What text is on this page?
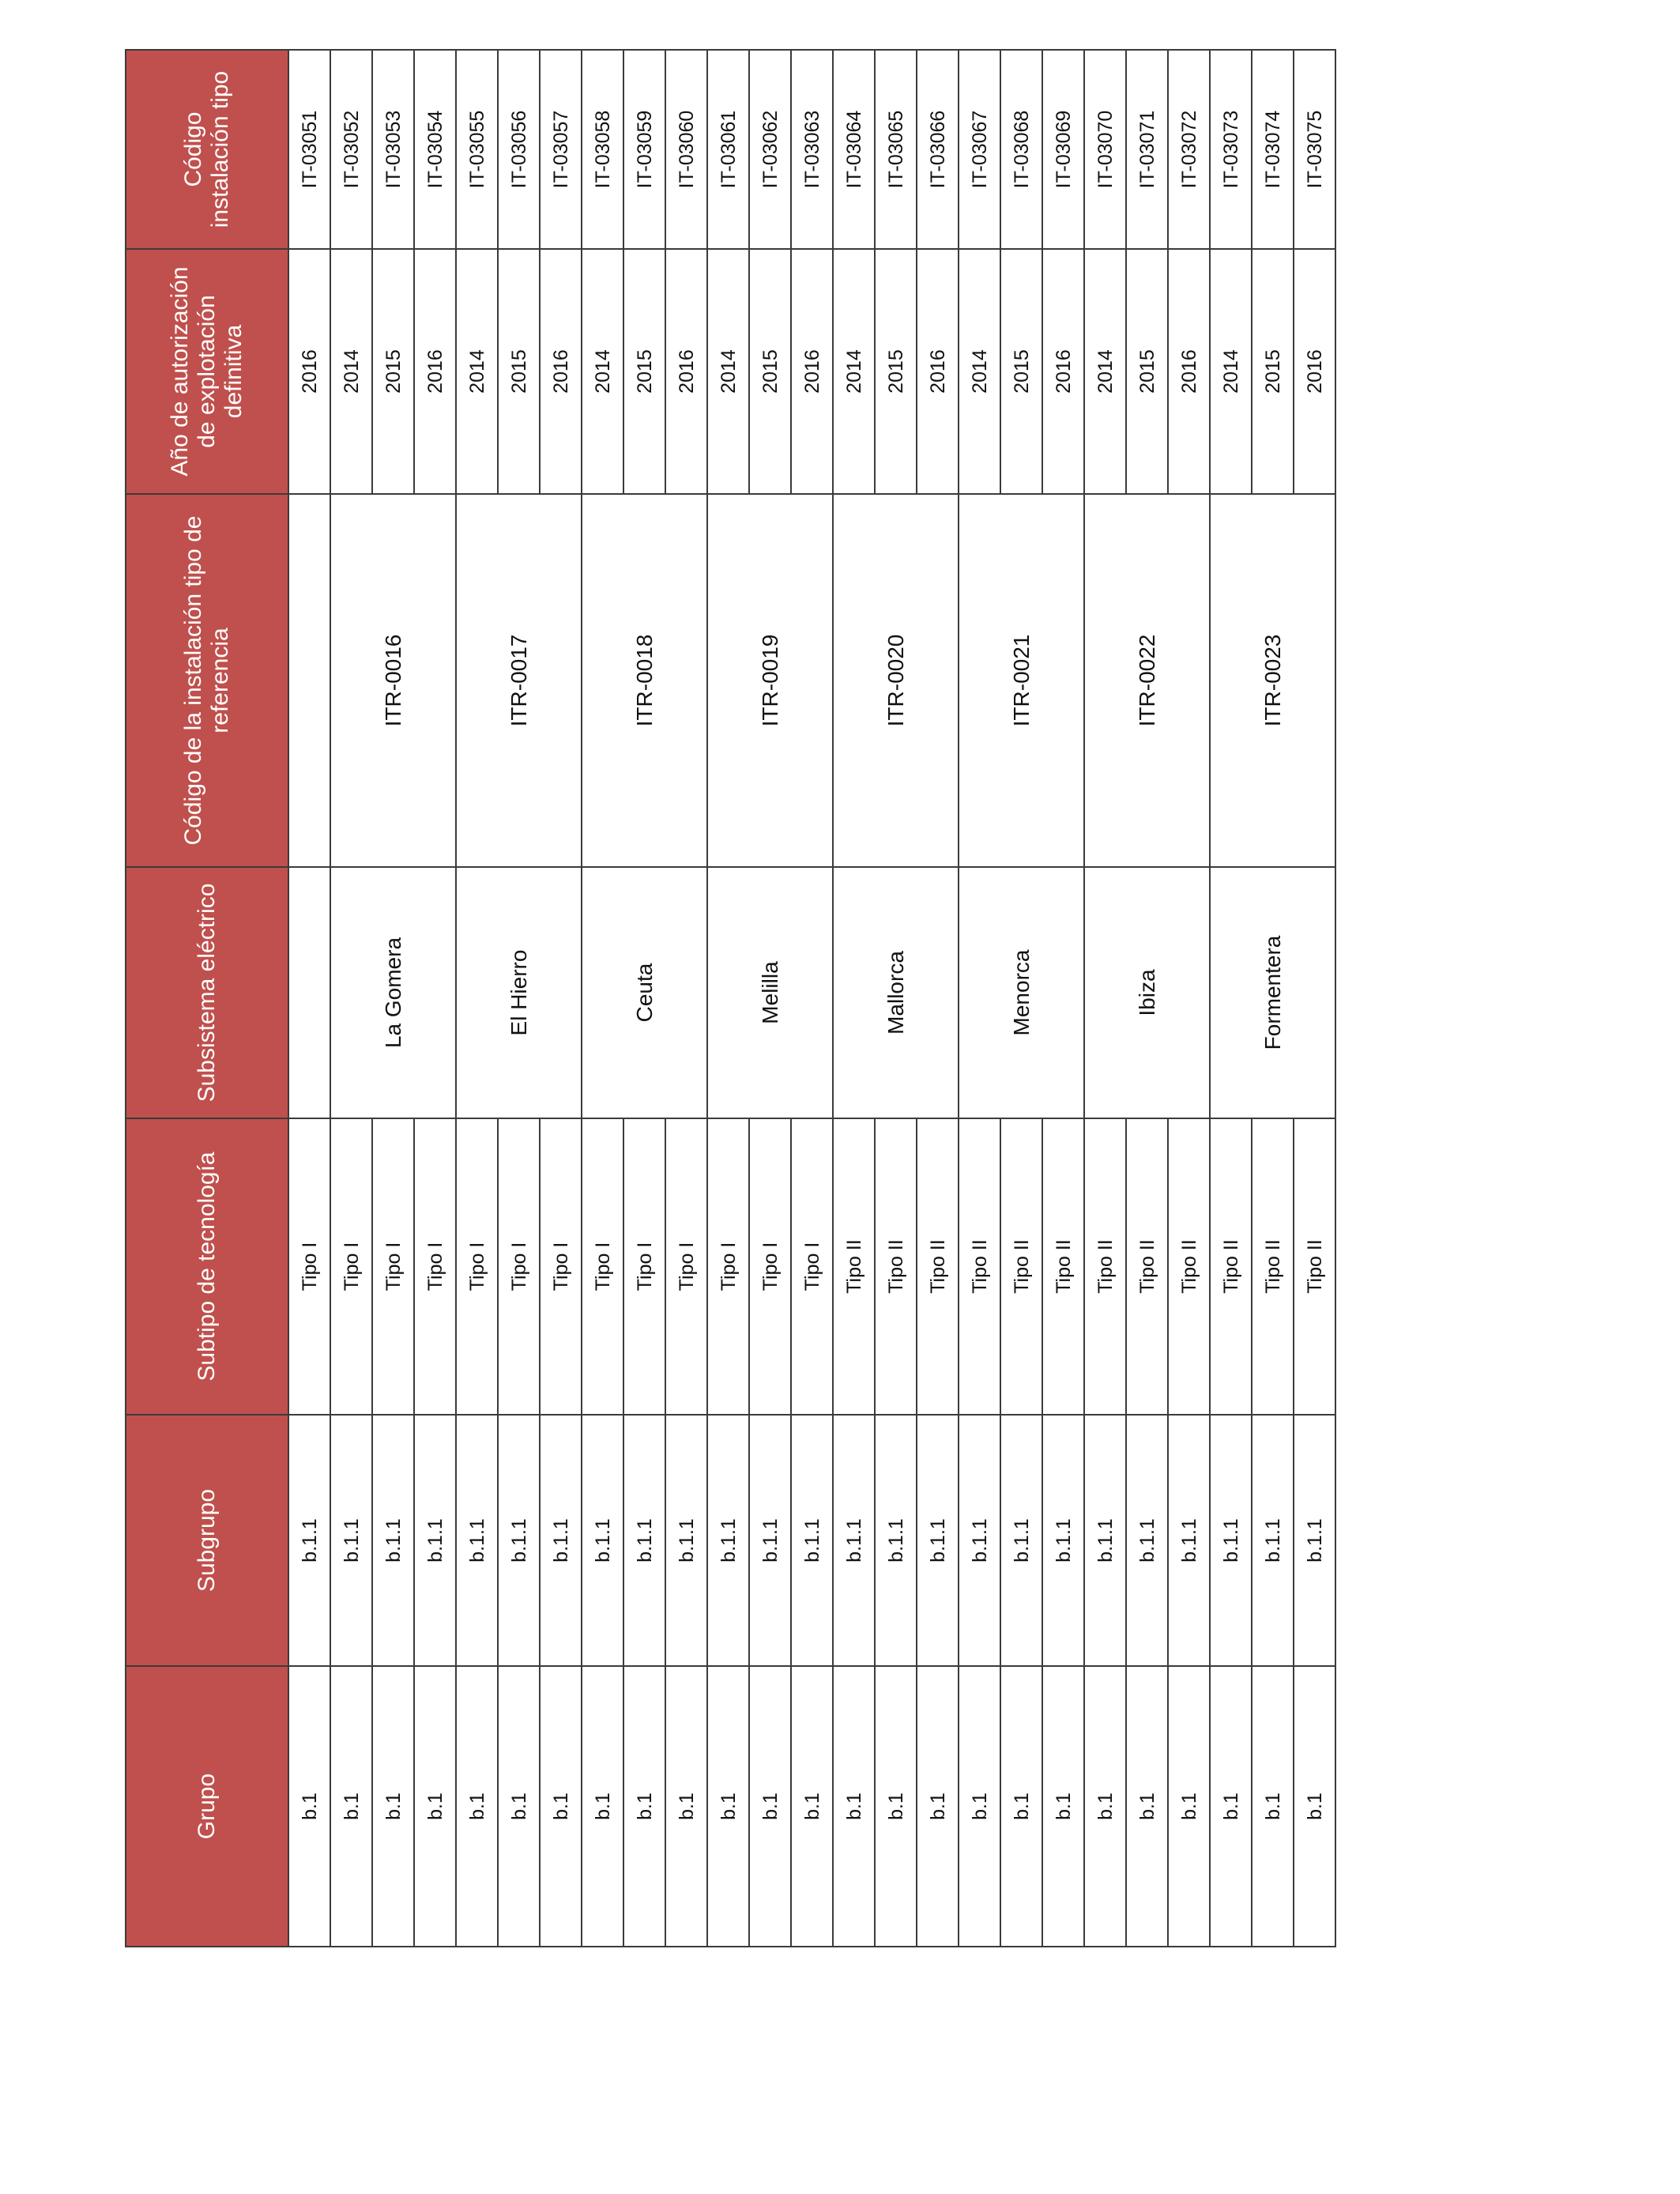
Grupo	Subgrupo	Subtipo de tecnología	Subsistema eléctrico	Código de la instalación tipo de referencia	Año de autorización de explotación definitiva	Código instalación tipo
b.1	b.1.1	Tipo I			2016	IT-03051
b.1	b.1.1	Tipo I	La Gomera	ITR-0016	2014	IT-03052
b.1	b.1.1	Tipo I			2015	IT-03053
b.1	b.1.1	Tipo I			2016	IT-03054
b.1	b.1.1	Tipo I	El Hierro	ITR-0017	2014	IT-03055
b.1	b.1.1	Tipo I			2015	IT-03056
b.1	b.1.1	Tipo I			2016	IT-03057
b.1	b.1.1	Tipo I	Ceuta	ITR-0018	2014	IT-03058
b.1	b.1.1	Tipo I			2015	IT-03059
b.1	b.1.1	Tipo I			2016	IT-03060
b.1	b.1.1	Tipo I	Melilla	ITR-0019	2014	IT-03061
b.1	b.1.1	Tipo I			2015	IT-03062
b.1	b.1.1	Tipo I			2016	IT-03063
b.1	b.1.1	Tipo II	Mallorca	ITR-0020	2014	IT-03064
b.1	b.1.1	Tipo II			2015	IT-03065
b.1	b.1.1	Tipo II			2016	IT-03066
b.1	b.1.1	Tipo II	Menorca	ITR-0021	2014	IT-03067
b.1	b.1.1	Tipo II			2015	IT-03068
b.1	b.1.1	Tipo II			2016	IT-03069
b.1	b.1.1	Tipo II	Ibiza	ITR-0022	2014	IT-03070
b.1	b.1.1	Tipo II			2015	IT-03071
b.1	b.1.1	Tipo II			2016	IT-03072
b.1	b.1.1	Tipo II	Formentera	ITR-0023	2014	IT-03073
b.1	b.1.1	Tipo II			2015	IT-03074
b.1	b.1.1	Tipo II			2016	IT-03075
